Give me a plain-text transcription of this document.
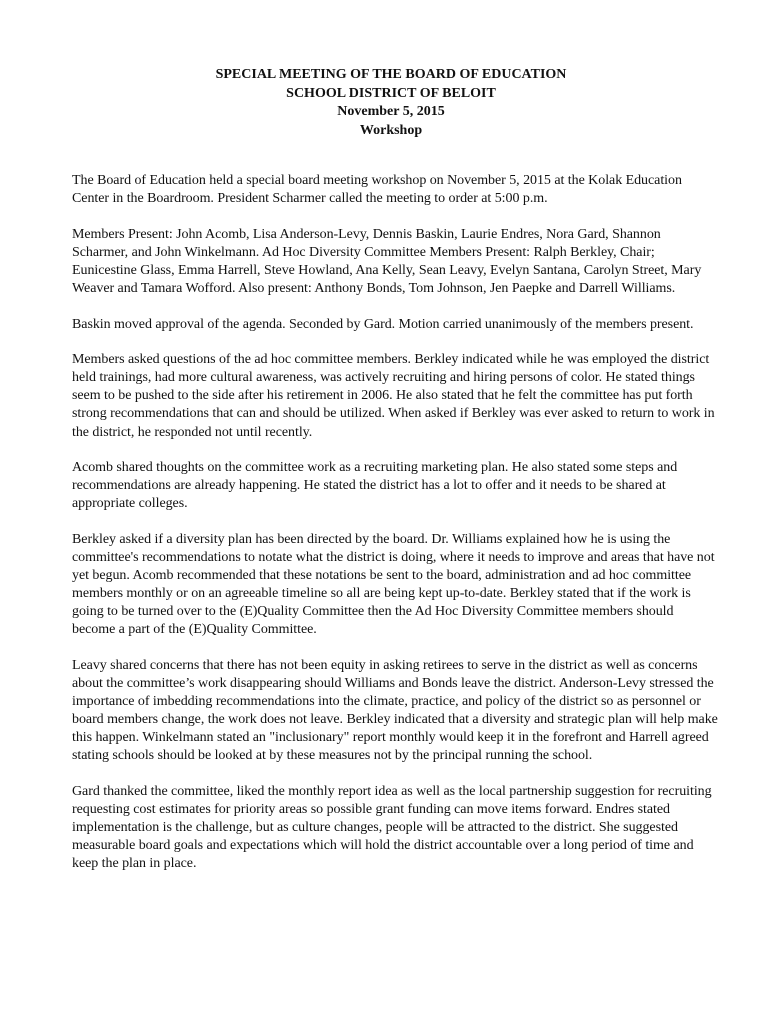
SPECIAL MEETING OF THE BOARD OF EDUCATION
SCHOOL DISTRICT OF BELOIT
November 5, 2015
Workshop

The Board of Education held a special board meeting workshop on November 5, 2015 at the Kolak Education Center in the Boardroom. President Scharmer called the meeting to order at 5:00 p.m.

Members Present: John Acomb, Lisa Anderson-Levy, Dennis Baskin, Laurie Endres, Nora Gard, Shannon Scharmer, and John Winkelmann. Ad Hoc Diversity Committee Members Present: Ralph Berkley, Chair; Eunicestine Glass, Emma Harrell, Steve Howland, Ana Kelly, Sean Leavy, Evelyn Santana, Carolyn Street, Mary Weaver and Tamara Wofford. Also present: Anthony Bonds, Tom Johnson, Jen Paepke and Darrell Williams.

Baskin moved approval of the agenda. Seconded by Gard. Motion carried unanimously of the members present.

Members asked questions of the ad hoc committee members. Berkley indicated while he was employed the district held trainings, had more cultural awareness, was actively recruiting and hiring persons of color. He stated things seem to be pushed to the side after his retirement in 2006. He also stated that he felt the committee has put forth strong recommendations that can and should be utilized. When asked if Berkley was ever asked to return to work in the district, he responded not until recently.

Acomb shared thoughts on the committee work as a recruiting marketing plan. He also stated some steps and recommendations are already happening. He stated the district has a lot to offer and it needs to be shared at appropriate colleges.

Berkley asked if a diversity plan has been directed by the board. Dr. Williams explained how he is using the committee's recommendations to notate what the district is doing, where it needs to improve and areas that have not yet begun. Acomb recommended that these notations be sent to the board, administration and ad hoc committee members monthly or on an agreeable timeline so all are being kept up-to-date. Berkley stated that if the work is going to be turned over to the (E)Quality Committee then the Ad Hoc Diversity Committee members should become a part of the (E)Quality Committee.

Leavy shared concerns that there has not been equity in asking retirees to serve in the district as well as concerns about the committee’s work disappearing should Williams and Bonds leave the district. Anderson-Levy stressed the importance of imbedding recommendations into the climate, practice, and policy of the district so as personnel or board members change, the work does not leave. Berkley indicated that a diversity and strategic plan will help make this happen. Winkelmann stated an "inclusionary" report monthly would keep it in the forefront and Harrell agreed stating schools should be looked at by these measures not by the principal running the school.

Gard thanked the committee, liked the monthly report idea as well as the local partnership suggestion for recruiting requesting cost estimates for priority areas so possible grant funding can move items forward. Endres stated implementation is the challenge, but as culture changes, people will be attracted to the district. She suggested measurable board goals and expectations which will hold the district accountable over a long period of time and keep the plan in place.
